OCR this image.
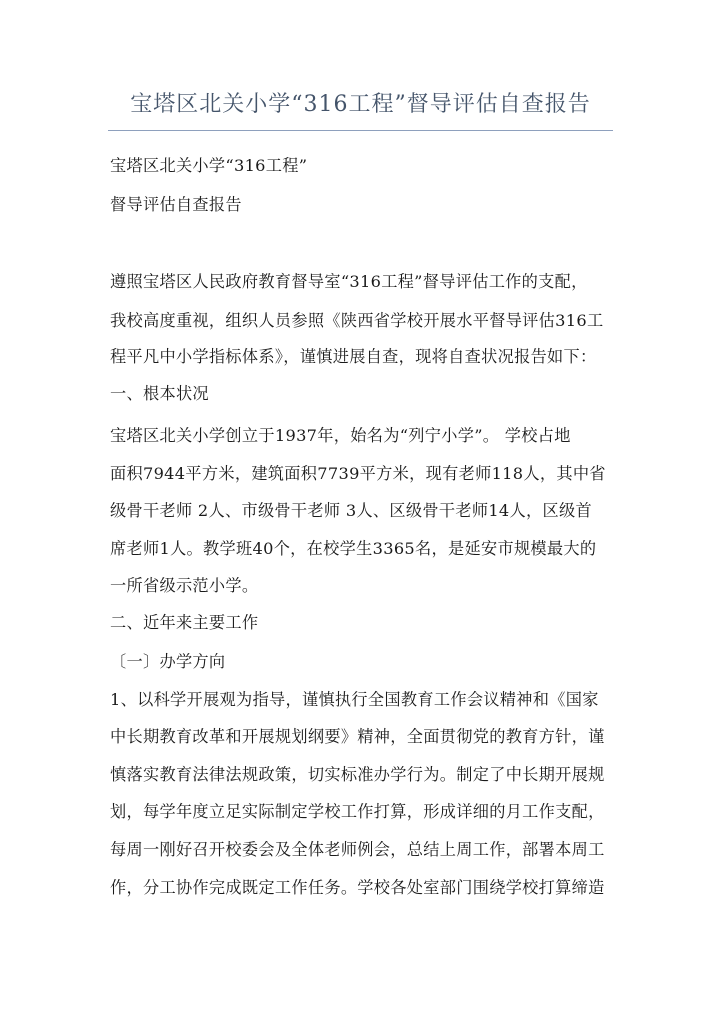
宝塔区北关小学“316工程”督导评估自查报告
宝塔区北关小学“316工程”
督导评估自查报告
遵照宝塔区人民政府教育督导室“316工程”督导评估工作的支配，
我校高度重视，组织人员参照《陕西省学校开展水平督导评估316工
程平凡中小学指标体系》，谨慎进展自查，现将自查状况报告如下：
一、根本状况
宝塔区北关小学创立于1937年，始名为“列宁小学”。 学校占地
面积7944平方米，建筑面积7739平方米，现有老师118人，其中省
级骨干老师 2人、市级骨干老师 3人、区级骨干老师14人，区级首
席老师1人。教学班40个，在校学生3365名，是延安市规模最大的
一所省级示范小学。
二、近年来主要工作
〔一〕办学方向
1、以科学开展观为指导，谨慎执行全国教育工作会议精神和《国家
中长期教育改革和开展规划纲要》精神，全面贯彻党的教育方针，谨
慎落实教育法律法规政策，切实标准办学行为。制定了中长期开展规
划，每学年度立足实际制定学校工作打算，形成详细的月工作支配，
每周一刚好召开校委会及全体老师例会，总结上周工作，部署本周工
作，分工协作完成既定工作任务。学校各处室部门围绕学校打算缔造
